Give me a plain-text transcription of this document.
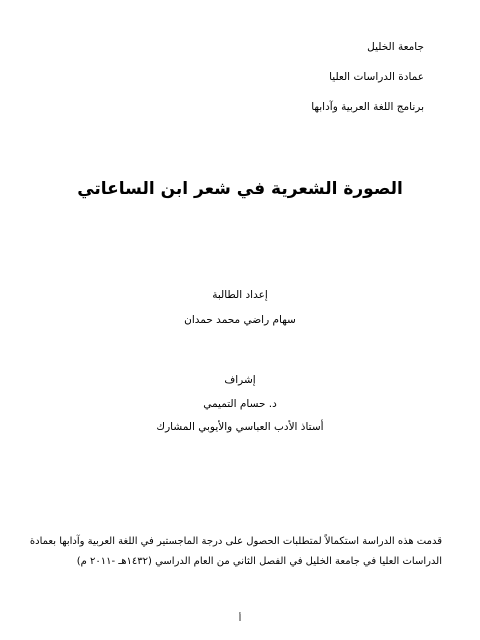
جامعة الخليل
عمادة الدراسات العليا
برنامج اللغة العربية وآدابها
الصورة الشعرية في شعر ابن الساعاتي
إعداد الطالبة
سهام راضي محمد حمدان
إشراف
د. حسام التميمي
أستاذ الأدب العباسي والأيوبي المشارك
قدمت هذه الدراسة استكمالاً لمتطلبات الحصول على درجة الماجستير في اللغة العربية وآدابها بعمادة
الدراسات العليا في جامعة الخليل في الفصل الثاني من العام الدراسي (١٤٣٢هـ -٢٠١١ م)
أ
